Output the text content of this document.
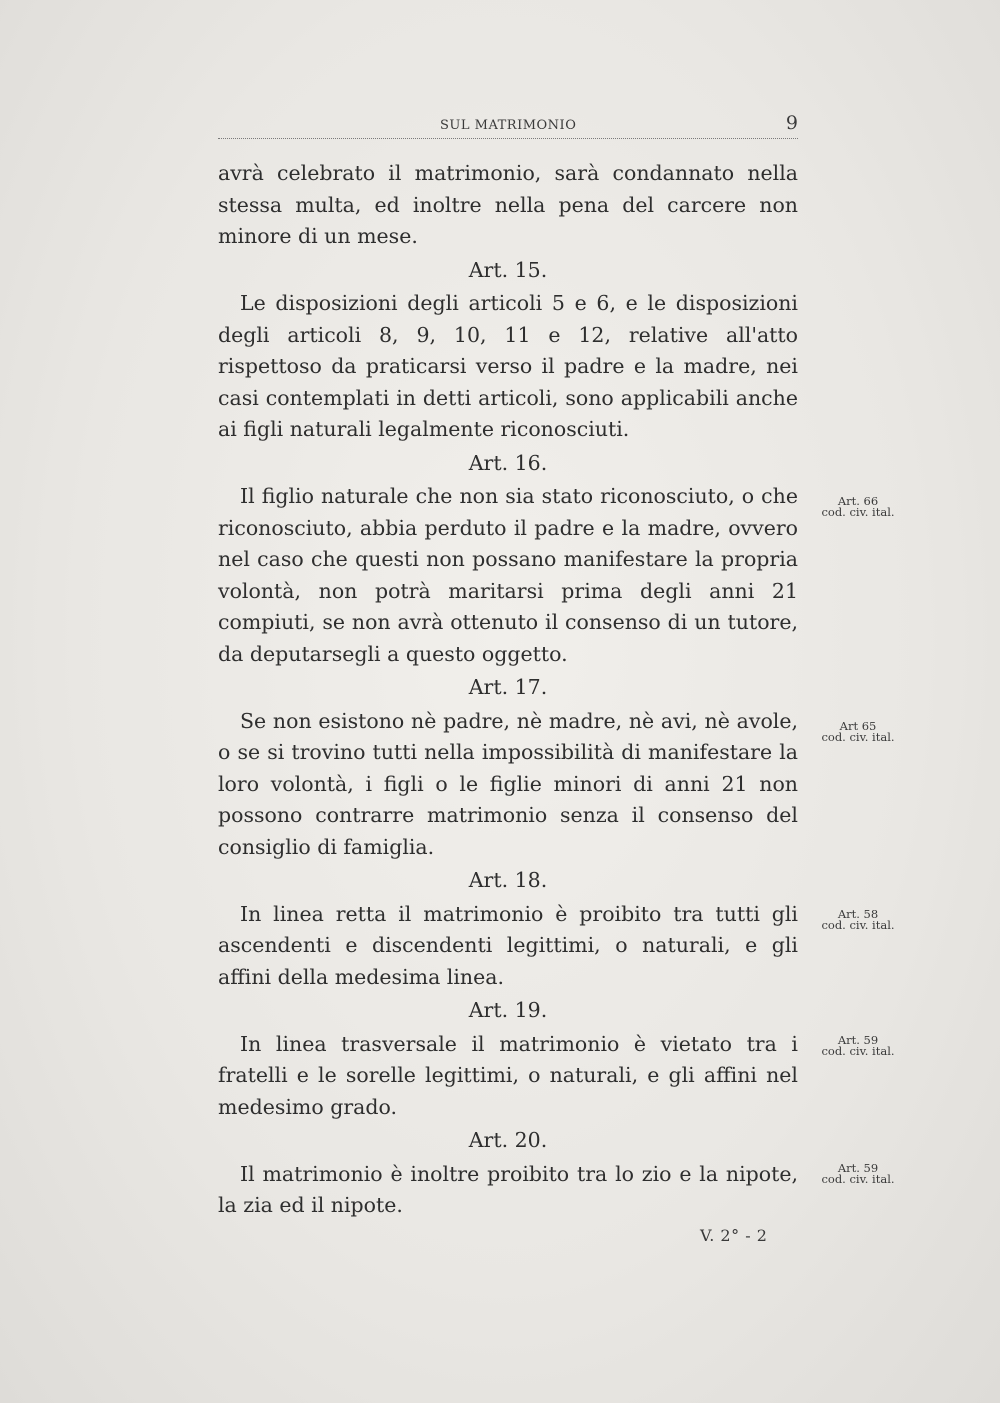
SUL MATRIMONIO	9

avrà celebrato il matrimonio, sarà condannato nella stessa multa, ed inoltre nella pena del carcere non minore di un mese.

Art. 15.

Le disposizioni degli articoli 5 e 6, e le disposizioni degli articoli 8, 9, 10, 11 e 12, relative all'atto rispettoso da praticarsi verso il padre e la madre, nei casi contemplati in detti articoli, sono applicabili anche ai figli naturali legalmente riconosciuti.

Art. 16.

Il figlio naturale che non sia stato riconosciuto, o che riconosciuto, abbia perduto il padre e la madre, ovvero nel caso che questi non possano manifestare la propria volontà, non potrà maritarsi prima degli anni 21 compiuti, se non avrà ottenuto il consenso di un tutore, da deputarsegli a questo oggetto.

Art. 17.

Se non esistono nè padre, nè madre, nè avi, nè avole, o se si trovino tutti nella impossibilità di manifestare la loro volontà, i figli o le figlie minori di anni 21 non possono contrarre matrimonio senza il consenso del consiglio di famiglia.

Art. 18.

In linea retta il matrimonio è proibito tra tutti gli ascendenti e discendenti legittimi, o naturali, e gli affini della medesima linea.

Art. 19.

In linea trasversale il matrimonio è vietato tra i fratelli e le sorelle legittimi, o naturali, e gli affini nel medesimo grado.

Art. 20.

Il matrimonio è inoltre proibito tra lo zio e la nipote, la zia ed il nipote.

Art. 66
cod. civ. ital.
Art 65
cod. civ. ital.
Art. 58
cod. civ. ital.
Art. 59
cod. civ. ital.
Art. 59
cod. civ. ital.
V. 2° - 2
